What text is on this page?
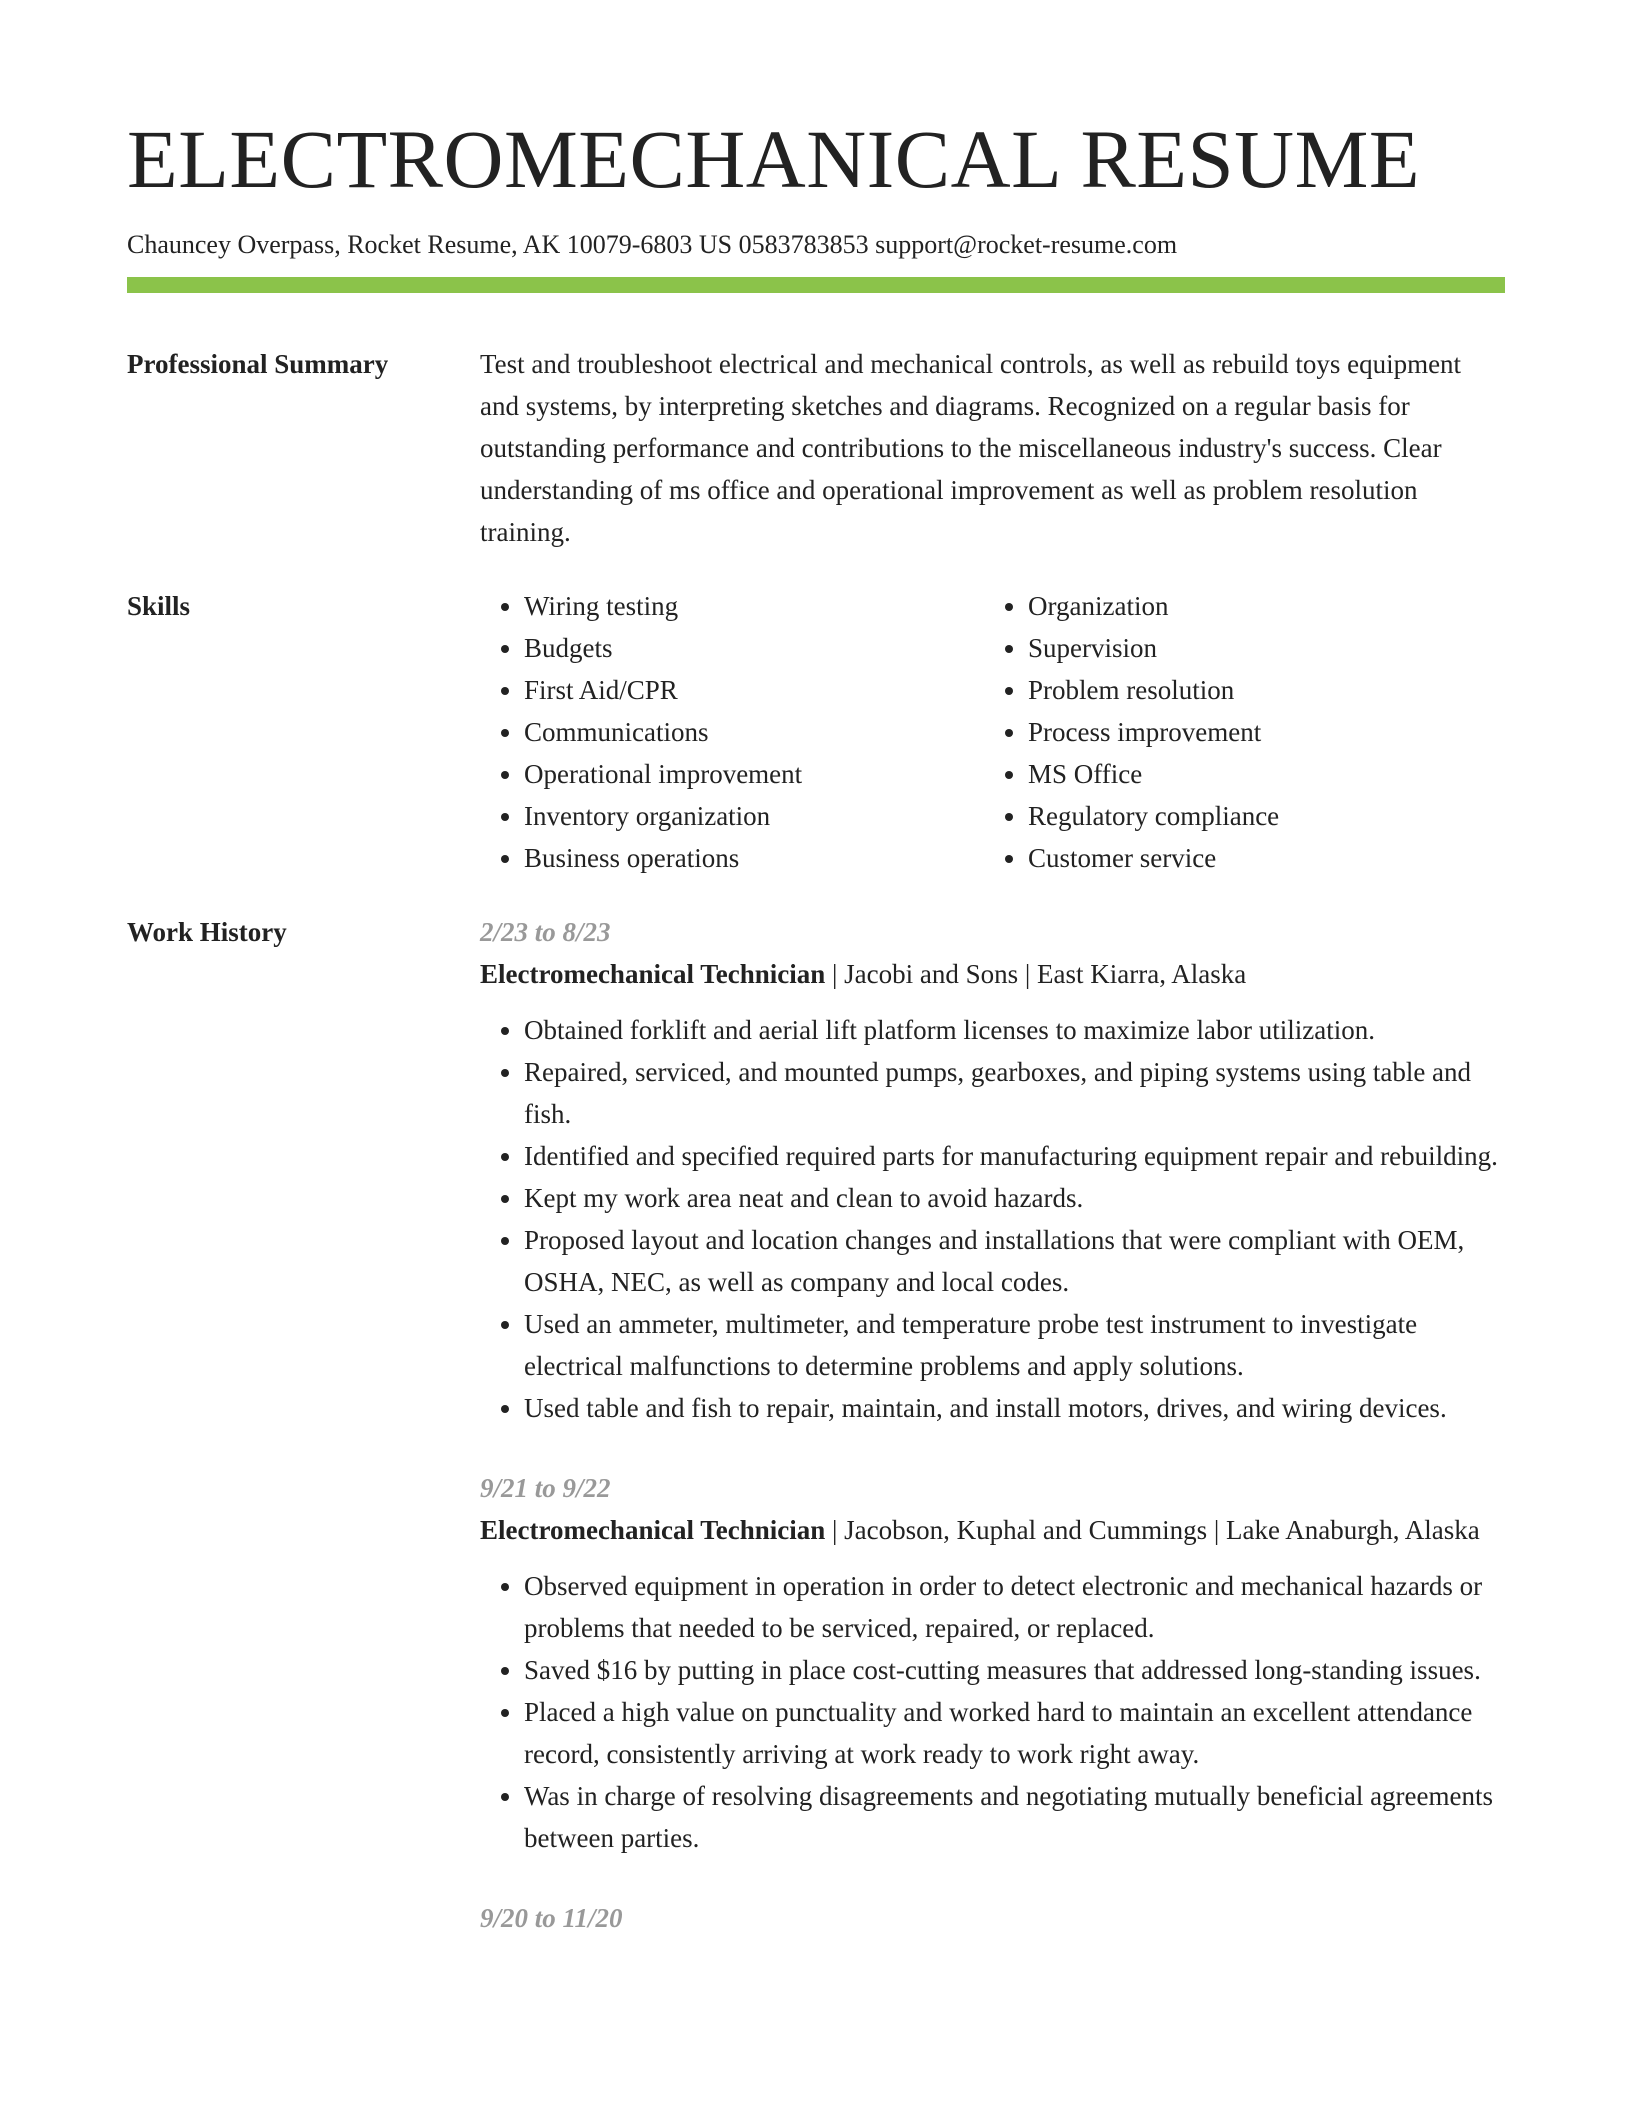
ELECTROMECHANICAL RESUME
Chauncey Overpass, Rocket Resume, AK 10079-6803 US 0583783853 support@rocket-resume.com
Professional Summary	Test and troubleshoot electrical and mechanical controls, as well as rebuild toys equipment and systems, by interpreting sketches and diagrams. Recognized on a regular basis for outstanding performance and contributions to the miscellaneous industry's success. Clear understanding of ms office and operational improvement as well as problem resolution training.

Skills
•	Wiring testing
• Budgets
• First Aid/CPR
• Communications
• Operational improvement
• Inventory organization
• Business operations
• Organization
• Supervision
• Problem resolution
• Process improvement
• MS Office
• Regulatory compliance
• Customer service
Work History	2/23 to 8/23

Electromechanical Technician | Jacobi and Sons | East Kiarra, Alaska

• Obtained forklift and aerial lift platform licenses to maximize labor utilization.
• Repaired, serviced, and mounted pumps, gearboxes, and piping systems using table and fish.
• Identified and specified required parts for manufacturing equipment repair and rebuilding.
• Kept my work area neat and clean to avoid hazards.
• Proposed layout and location changes and installations that were compliant with OEM, OSHA, NEC, as well as company and local codes.
• Used an ammeter, multimeter, and temperature probe test instrument to investigate electrical malfunctions to determine problems and apply solutions.
• Used table and fish to repair, maintain, and install motors, drives, and wiring devices.
9/21 to 9/22

Electromechanical Technician | Jacobson, Kuphal and Cummings | Lake Anaburgh, Alaska

• Observed equipment in operation in order to detect electronic and mechanical hazards or problems that needed to be serviced, repaired, or replaced.
• Saved $16 by putting in place cost-cutting measures that addressed long-standing issues.
• Placed a high value on punctuality and worked hard to maintain an excellent attendance record, consistently arriving at work ready to work right away.
• Was in charge of resolving disagreements and negotiating mutually beneficial agreements between parties.
9/20 to 11/20
